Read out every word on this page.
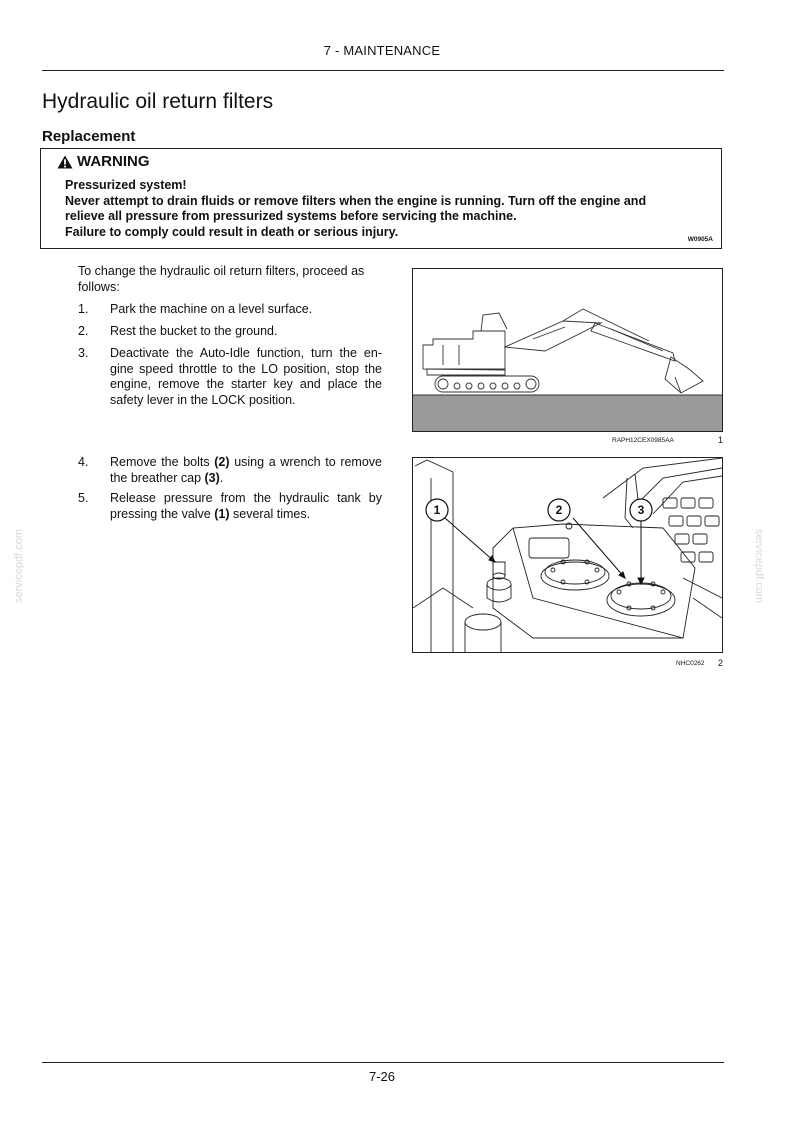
7 - MAINTENANCE
Hydraulic oil return filters
Replacement
WARNING
Pressurized system!
Never attempt to drain fluids or remove filters when the engine is running. Turn off the engine and
relieve all pressure from pressurized systems before servicing the machine.
Failure to comply could result in death or serious injury.
W0905A
To change the hydraulic oil return filters, proceed as follows:
1. Park the machine on a level surface.
2. Rest the bucket to the ground.
3. Deactivate the Auto-Idle function, turn the en-gine speed throttle to the LO position, stop the engine, remove the starter key and place the safety lever in the LOCK position.
4. Remove the bolts (2) using a wrench to remove the breather cap (3).
5. Release pressure from the hydraulic tank by pressing the valve (1) several times.
RAPH12CEX0985AA	1
1	2	3
NHC0262 2
servicepdf.com	servicepdf.com
7-26
